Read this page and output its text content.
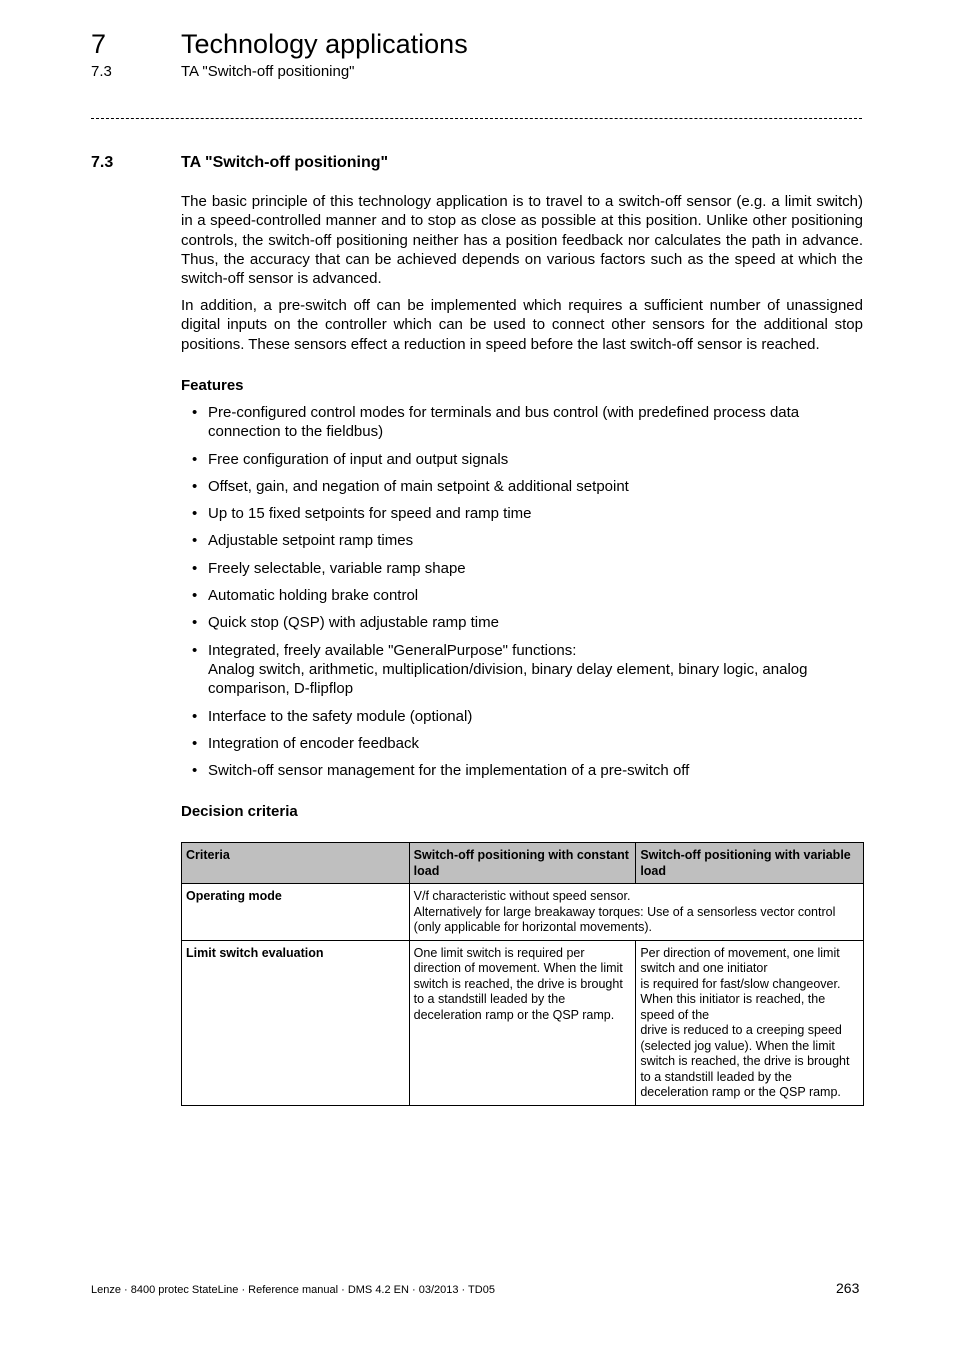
7	Technology applications
7.3	TA "Switch-off positioning"
7.3	TA "Switch-off positioning"

The basic principle of this technology application is to travel to a switch-off sensor (e.g. a limit switch) in a speed-controlled manner and to stop as close as possible at this position. Unlike other positioning controls, the switch-off positioning neither has a position feedback nor calculates the path in advance. Thus, the accuracy that can be achieved depends on various factors such as the speed at which the switch-off sensor is advanced.

In addition, a pre-switch off can be implemented which requires a sufficient number of unassigned digital inputs on the controller which can be used to connect other sensors for the additional stop positions. These sensors effect a reduction in speed before the last switch-off sensor is reached.

Features
• Pre-configured control modes for terminals and bus control (with predefined process data connection to the fieldbus)
• Free configuration of input and output signals
• Offset, gain, and negation of main setpoint & additional setpoint
• Up to 15 fixed setpoints for speed and ramp time
• Adjustable setpoint ramp times
• Freely selectable, variable ramp shape
• Automatic holding brake control
• Quick stop (QSP) with adjustable ramp time
• Integrated, freely available "GeneralPurpose" functions:
Analog switch, arithmetic, multiplication/division, binary delay element, binary logic, analog comparison, D-flipflop
• Interface to the safety module (optional)
• Integration of encoder feedback
• Switch-off sensor management for the implementation of a pre-switch off
Decision criteria
Criteria	Switch-off positioning with constant load	Switch-off positioning with variable load
Operating mode	V/f characteristic without speed sensor.
Alternatively for large breakaway torques: Use of a sensorless vector control (only applicable for horizontal movements).	

Limit switch evaluation	One limit switch is required per direction of movement. When the limit switch is reached, the drive is brought to a standstill leaded by the deceleration ramp or the QSP ramp.	Per direction of movement, one limit switch and one initiator
is required for fast/slow changeover. When this initiator is reached, the speed of the
drive is reduced to a creeping speed (selected jog value). When the limit switch is reached, the drive is brought to a standstill leaded by the deceleration ramp or the QSP ramp.
Lenze · 8400 protec StateLine · Reference manual · DMS 4.2 EN · 03/2013 · TD05	263
